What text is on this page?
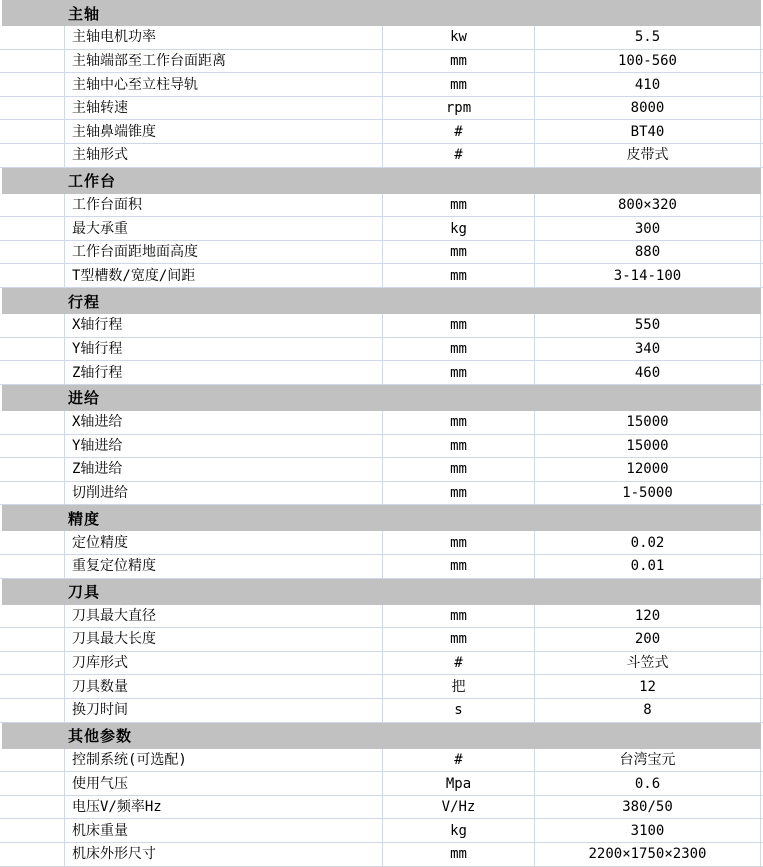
主轴
主轴电机功率	kw	5.5
主轴端部至工作台面距离	mm	100-560
主轴中心至立柱导轨	mm	410
主轴转速	rpm	8000
主轴鼻端锥度	#	BT40
主轴形式	#	皮带式
工作台
工作台面积	mm	800×320
最大承重	kg	300
工作台面距地面高度	mm	880
T型槽数/宽度/间距	mm	3-14-100
行程
X轴行程	mm	550
Y轴行程	mm	340
Z轴行程	mm	460
进给
X轴进给	mm	15000
Y轴进给	mm	15000
Z轴进给	mm	12000
切削进给	mm	1-5000
精度
定位精度	mm	0.02
重复定位精度	mm	0.01
刀具
刀具最大直径	mm	120
刀具最大长度	mm	200
刀库形式	#	斗笠式
刀具数量	把	12
换刀时间	s	8
其他参数
控制系统(可选配)	#	台湾宝元
使用气压	Mpa	0.6
电压V/频率Hz	V/Hz	380/50
机床重量	kg	3100
机床外形尺寸	mm	2200×1750×2300
